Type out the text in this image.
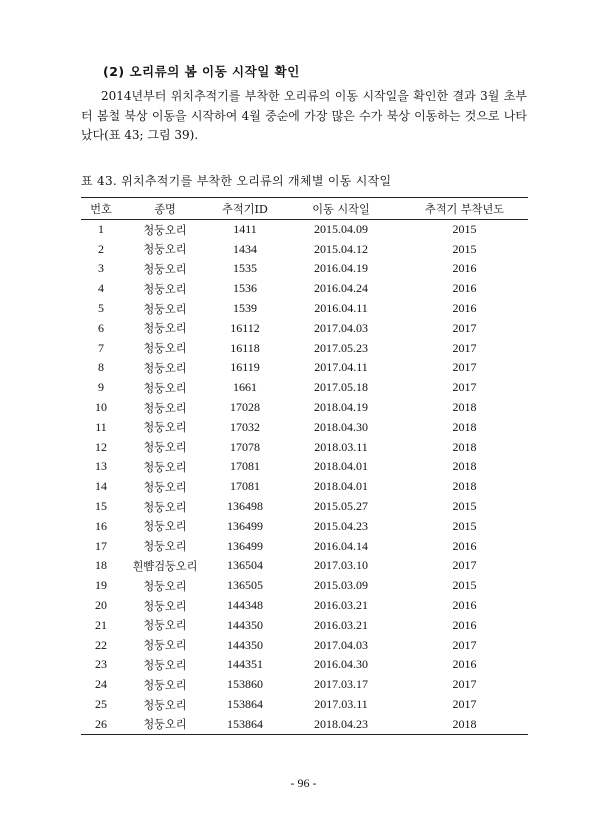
(2) 오리류의 봄 이동 시작일 확인

2014년부터 위치추적기를 부착한 오리류의 이동 시작일을 확인한 결과 3월 초부터 봄철 북상 이동을 시작하여 4월 중순에 가장 많은 수가 북상 이동하는 것으로 나타났다(표 43; 그림 39).

표 43. 위치추적기를 부착한 오리류의 개체별 이동 시작일
번호	종명	추적기ID	이동 시작일	추적기 부착년도
1	청둥오리	1411	2015.04.09	2015
2	청둥오리	1434	2015.04.12	2015
3	청둥오리	1535	2016.04.19	2016
4	청둥오리	1536	2016.04.24	2016
5	청둥오리	1539	2016.04.11	2016
6	청둥오리	16112	2017.04.03	2017
7	청둥오리	16118	2017.05.23	2017
8	청둥오리	16119	2017.04.11	2017
9	청둥오리	1661	2017.05.18	2017
10	청둥오리	17028	2018.04.19	2018
11	청둥오리	17032	2018.04.30	2018
12	청둥오리	17078	2018.03.11	2018
13	청둥오리	17081	2018.04.01	2018
14	청둥오리	17081	2018.04.01	2018
15	청둥오리	136498	2015.05.27	2015
16	청둥오리	136499	2015.04.23	2015
17	청둥오리	136499	2016.04.14	2016
18	흰뺨검둥오리	136504	2017.03.10	2017
19	청둥오리	136505	2015.03.09	2015
20	청둥오리	144348	2016.03.21	2016
21	청둥오리	144350	2016.03.21	2016
22	청둥오리	144350	2017.04.03	2017
23	청둥오리	144351	2016.04.30	2016
24	청둥오리	153860	2017.03.17	2017
25	청둥오리	153864	2017.03.11	2017
26	청둥오리	153864	2018.04.23	2018
- 96 -
